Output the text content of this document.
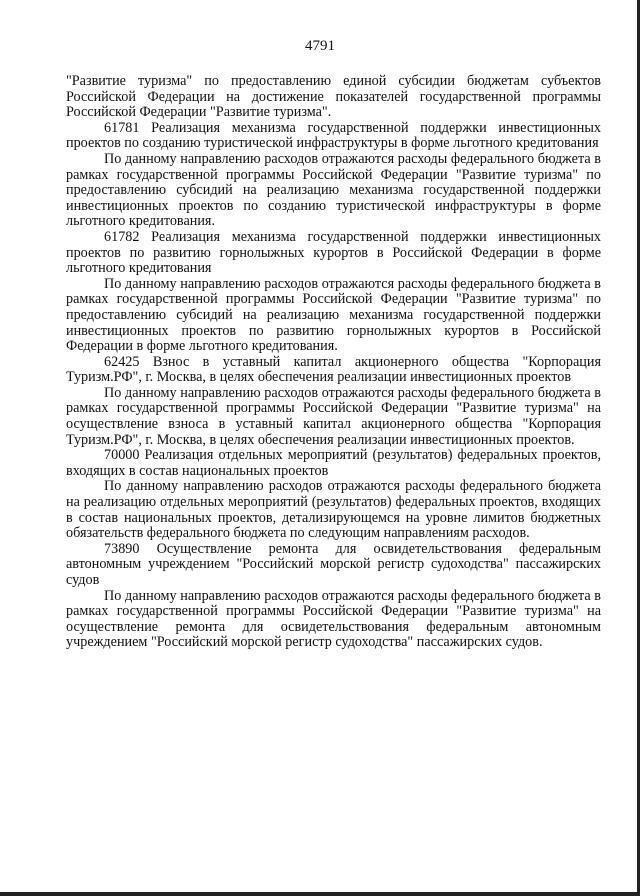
4791

"Развитие туризма" по предоставлению единой субсидии бюджетам субъектов Российской Федерации на достижение показателей государственной программы Российской Федерации "Развитие туризма".

61781 Реализация механизма государственной поддержки инвестиционных проектов по созданию туристической инфраструктуры в форме льготного кредитования

По данному направлению расходов отражаются расходы федерального бюджета в рамках государственной программы Российской Федерации "Развитие туризма" по предоставлению субсидий на реализацию механизма государственной поддержки инвестиционных проектов по созданию туристической инфраструктуры в форме льготного кредитования.

61782 Реализация механизма государственной поддержки инвестиционных проектов по развитию горнолыжных курортов в Российской Федерации в форме льготного кредитования

По данному направлению расходов отражаются расходы федерального бюджета в рамках государственной программы Российской Федерации "Развитие туризма" по предоставлению субсидий на реализацию механизма государственной поддержки инвестиционных проектов по развитию горнолыжных курортов в Российской Федерации в форме льготного кредитования.

62425 Взнос в уставный капитал акционерного общества "Корпорация Туризм.РФ", г. Москва, в целях обеспечения реализации инвестиционных проектов

По данному направлению расходов отражаются расходы федерального бюджета в рамках государственной программы Российской Федерации "Развитие туризма" на осуществление взноса в уставный капитал акционерного общества "Корпорация Туризм.РФ", г. Москва, в целях обеспечения реализации инвестиционных проектов.

70000 Реализация отдельных мероприятий (результатов) федеральных проектов, входящих в состав национальных проектов

По данному направлению расходов отражаются расходы федерального бюджета на реализацию отдельных мероприятий (результатов) федеральных проектов, входящих в состав национальных проектов, детализирующемся на уровне лимитов бюджетных обязательств федерального бюджета по следующим направлениям расходов.

73890 Осуществление ремонта для освидетельствования федеральным автономным учреждением "Российский морской регистр судоходства" пассажирских судов

По данному направлению расходов отражаются расходы федерального бюджета в рамках государственной программы Российской Федерации "Развитие туризма" на осуществление ремонта для освидетельствования федеральным автономным учреждением "Российский морской регистр судоходства" пассажирских судов.
